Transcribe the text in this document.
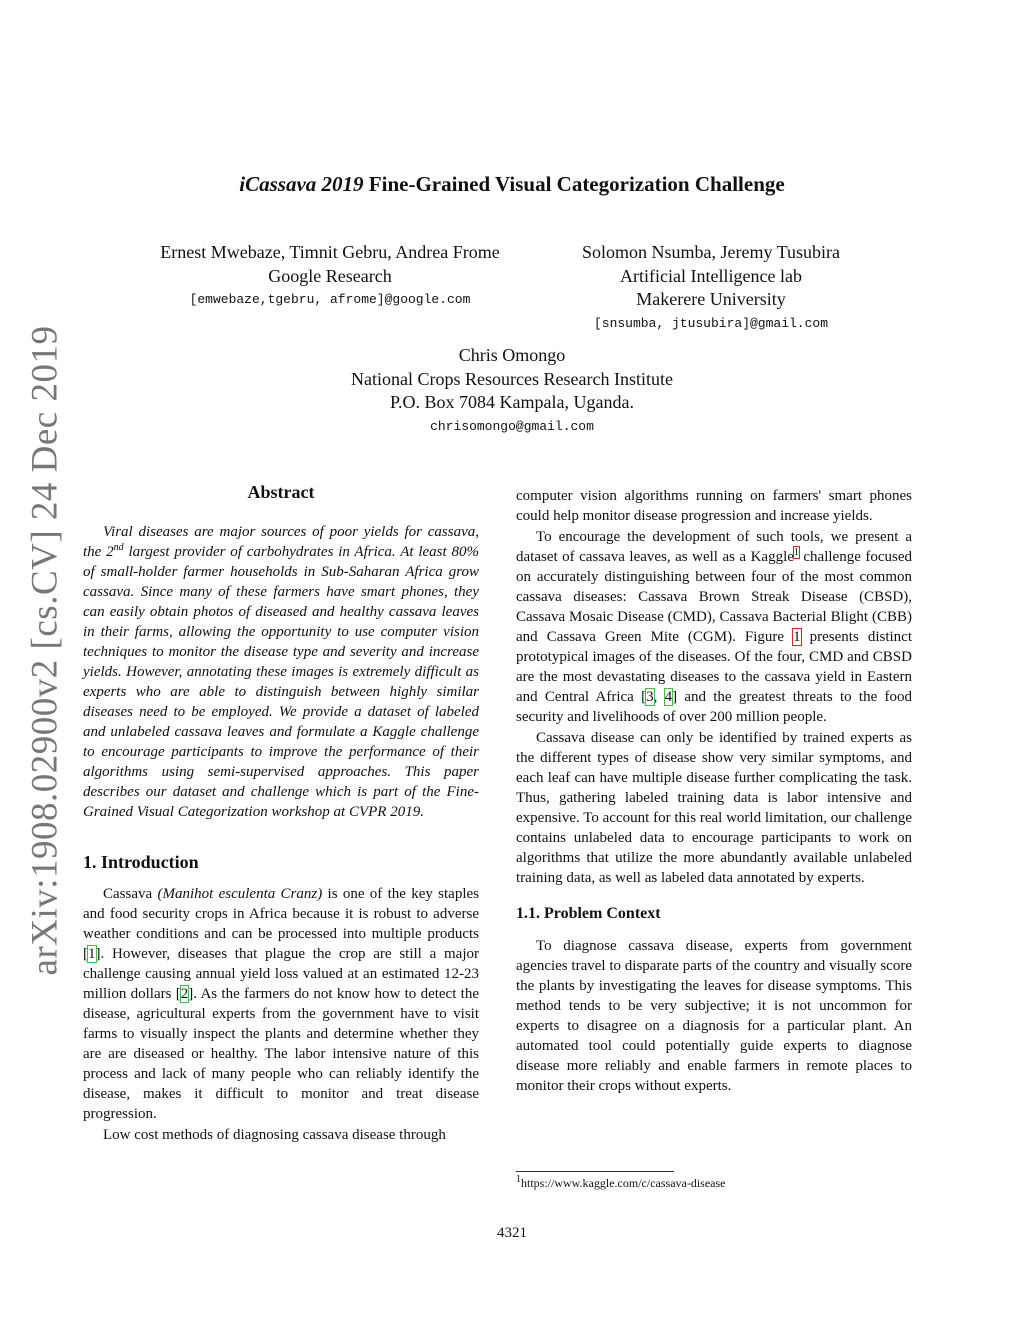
arXiv:1908.02900v2 [cs.CV] 24 Dec 2019
iCassava 2019 Fine-Grained Visual Categorization Challenge
Ernest Mwebaze, Timnit Gebru, Andrea Frome
Google Research
[emwebaze,tgebru, afrome]@google.com
Solomon Nsumba, Jeremy Tusubira
Artificial Intelligence lab
Makerere University
[snsumba, jtusubira]@gmail.com
Chris Omongo
National Crops Resources Research Institute
P.O. Box 7084 Kampala, Uganda.
chrisomongo@gmail.com
Abstract

Viral diseases are major sources of poor yields for cassava, the 2nd largest provider of carbohydrates in Africa. At least 80% of small-holder farmer households in Sub-Saharan Africa grow cassava. Since many of these farmers have smart phones, they can easily obtain photos of diseased and healthy cassava leaves in their farms, allowing the opportunity to use computer vision techniques to monitor the disease type and severity and increase yields. However, annotating these images is extremely difficult as experts who are able to distinguish between highly similar diseases need to be employed. We provide a dataset of labeled and unlabeled cassava leaves and formulate a Kaggle challenge to encourage participants to improve the performance of their algorithms using semi-supervised approaches. This paper describes our dataset and challenge which is part of the Fine-Grained Visual Categorization workshop at CVPR 2019.

1. Introduction

Cassava (Manihot esculenta Cranz) is one of the key staples and food security crops in Africa because it is robust to adverse weather conditions and can be processed into multiple products [1]. However, diseases that plague the crop are still a major challenge causing annual yield loss valued at an estimated 12-23 million dollars [2]. As the farmers do not know how to detect the disease, agricultural experts from the government have to visit farms to visually inspect the plants and determine whether they are are diseased or healthy. The labor intensive nature of this process and lack of many people who can reliably identify the disease, makes it difficult to monitor and treat disease progression.

Low cost methods of diagnosing cassava disease through

computer vision algorithms running on farmers' smart phones could help monitor disease progression and increase yields.

To encourage the development of such tools, we present a dataset of cassava leaves, as well as a Kaggle$^1$ challenge focused on accurately distinguishing between four of the most common cassava diseases: Cassava Brown Streak Disease (CBSD), Cassava Mosaic Disease (CMD), Cassava Bacterial Blight (CBB) and Cassava Green Mite (CGM). Figure 1 presents distinct prototypical images of the diseases. Of the four, CMD and CBSD are the most devastating diseases to the cassava yield in Eastern and Central Africa [3, 4] and the greatest threats to the food security and livelihoods of over 200 million people.

Cassava disease can only be identified by trained experts as the different types of disease show very similar symptoms, and each leaf can have multiple disease further complicating the task. Thus, gathering labeled training data is labor intensive and expensive. To account for this real world limitation, our challenge contains unlabeled data to encourage participants to work on algorithms that utilize the more abundantly available unlabeled training data, as well as labeled data annotated by experts.

1.1. Problem Context

To diagnose cassava disease, experts from government agencies travel to disparate parts of the country and visually score the plants by investigating the leaves for disease symptoms. This method tends to be very subjective; it is not uncommon for experts to disagree on a diagnosis for a particular plant. An automated tool could potentially guide experts to diagnose disease more reliably and enable farmers in remote places to monitor their crops without experts.

$^1$https://www.kaggle.com/c/cassava-disease
4321
